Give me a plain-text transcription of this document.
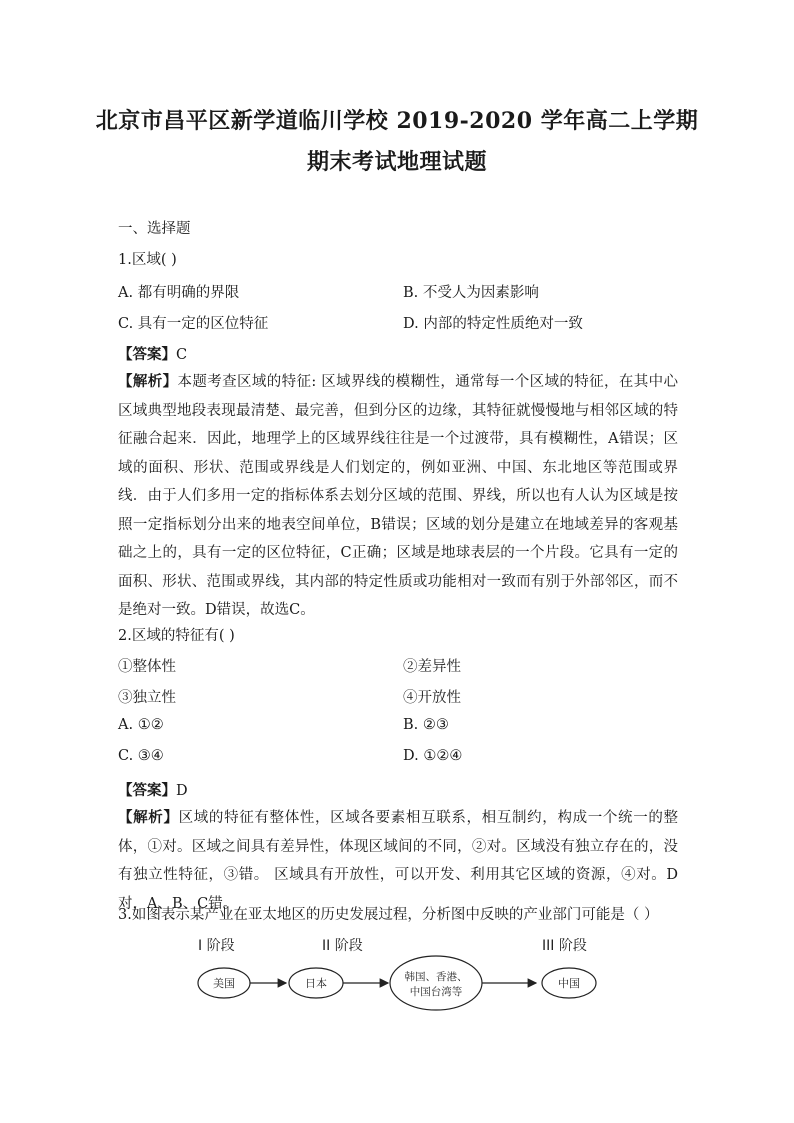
北京市昌平区新学道临川学校 2019-2020 学年高二上学期
期末考试地理试题
一、选择题
1.区域( )
A. 都有明确的界限	B. 不受人为因素影响
C. 具有一定的区位特征	D. 内部的特定性质绝对一致
【答案】C
【解析】本题考查区域的特征: 区域界线的模糊性，通常每一个区域的特征，在其中心区域典型地段表现最清楚、最完善，但到分区的边缘，其特征就慢慢地与相邻区域的特征融合起来．因此，地理学上的区域界线往往是一个过渡带，具有模糊性，A错误；区域的面积、形状、范围或界线是人们划定的，例如亚洲、中国、东北地区等范围或界线．由于人们多用一定的指标体系去划分区域的范围、界线，所以也有人认为区域是按照一定指标划分出来的地表空间单位，B错误；区域的划分是建立在地域差异的客观基础之上的，具有一定的区位特征，C正确；区域是地球表层的一个片段。它具有一定的面积、形状、范围或界线，其内部的特定性质或功能相对一致而有别于外部邻区，而不是绝对一致。D错误，故选C。
2.区域的特征有( )
①整体性	②差异性
③独立性	④开放性
A. ①②	B. ②③
C. ③④	D. ①②④
【答案】D
【解析】区域的特征有整体性，区域各要素相互联系，相互制约，构成一个统一的整体，①对。区域之间具有差异性，体现区域间的不同，②对。区域没有独立存在的，没有独立性特征，③错。 区域具有开放性，可以开发、利用其它区域的资源，④对。D对，A、B、C错。
3.如图表示某产业在亚太地区的历史发展过程，分析图中反映的产业部门可能是（ ）
I 阶段	II 阶段	III 阶段
美国	日本	韩国、香港、
中国台湾等
中国
